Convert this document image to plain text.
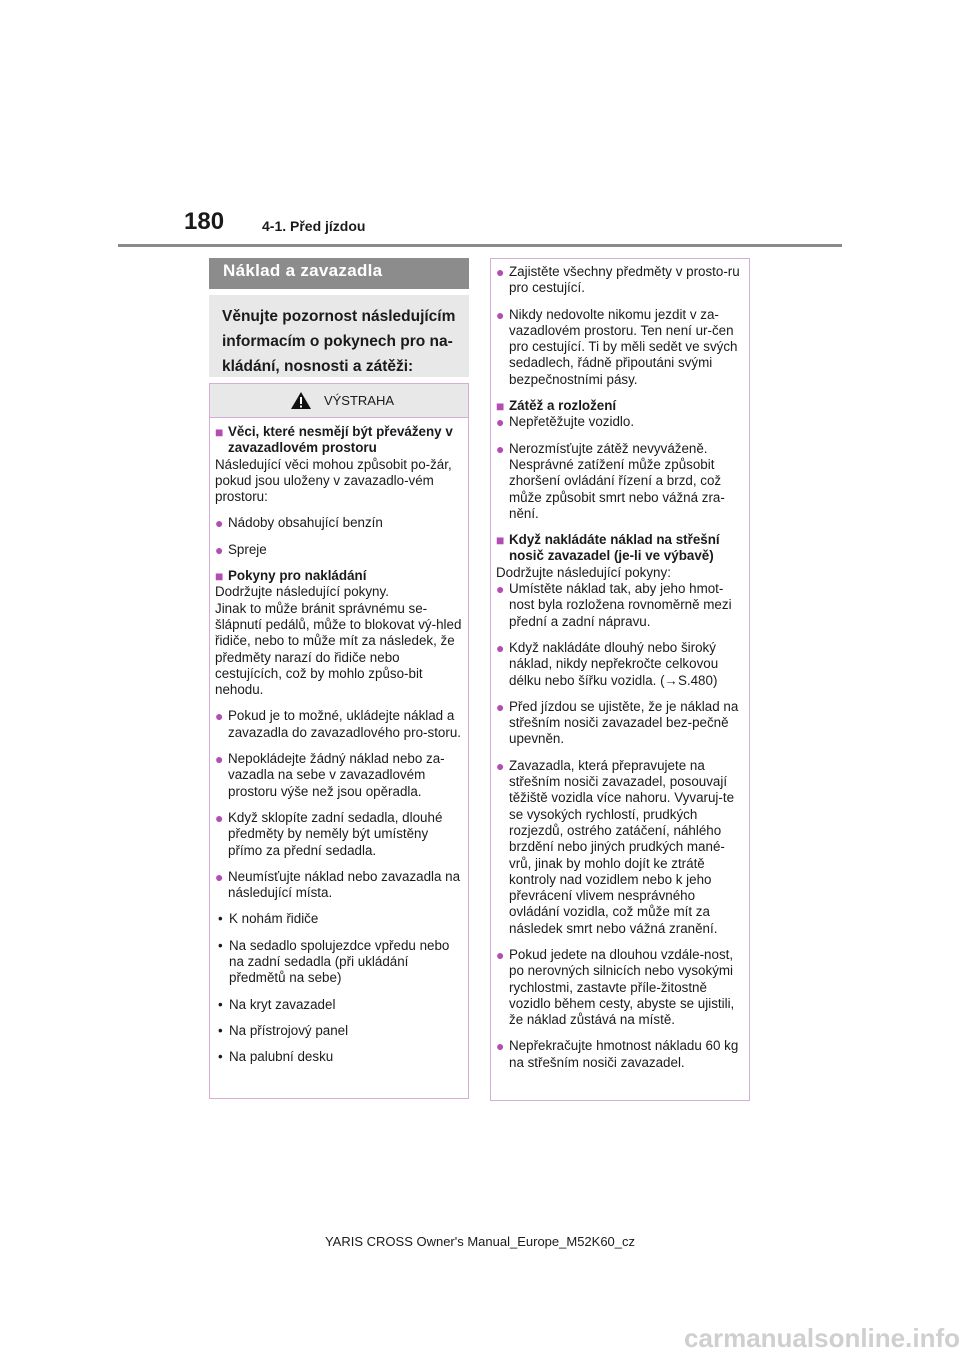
180	4-1. Před jízdou
Náklad a zavazadla
Věnujte pozornost následujícím informacím o pokynech pro na-kládání, nosnosti a zátěži:
VÝSTRAHA
■ Věci, které nesmějí být převáženy v zavazadlovém prostoru

Následující věci mohou způsobit po-žár, pokud jsou uloženy v zavazadlo-vém prostoru:

● Nádoby obsahující benzín
● Spreje
■ Pokyny pro nakládání

Dodržujte následující pokyny.

Jinak to může bránit správnému se-šlápnutí pedálů, může to blokovat vý-hled řidiče, nebo to může mít za následek, že předměty narazí do řidiče nebo cestujících, což by mohlo způso-bit nehodu.

● Pokud je to možné, ukládejte náklad a zavazadla do zavazadlového pro-storu.
● Nepokládejte žádný náklad nebo za-vazadla na sebe v zavazadlovém prostoru výše než jsou opěradla.
● Když sklopíte zadní sedadla, dlouhé předměty by neměly být umístěny přímo za přední sedadla.
● Neumísťujte náklad nebo zavazadla na následující místa.
• K nohám řidiče
• Na sedadlo spolujezdce vpředu nebo na zadní sedadla (při ukládání předmětů na sebe)
• Na kryt zavazadel
• Na přístrojový panel
• Na palubní desku
● Zajistěte všechny předměty v prosto-ru pro cestující.
● Nikdy nedovolte nikomu jezdit v za-vazadlovém prostoru. Ten není ur-čen pro cestující. Ti by měli sedět ve svých sedadlech, řádně připoutáni svými bezpečnostními pásy.
■ Zátěž a rozložení
● Nepřetěžujte vozidlo.
● Nerozmísťujte zátěž nevyváženě. Nesprávné zatížení může způsobit zhoršení ovládání řízení a brzd, což může způsobit smrt nebo vážná zra-nění.
■ Když nakládáte náklad na střešní nosič zavazadel (je-li ve výbavě)

Dodržujte následující pokyny:

● Umístěte náklad tak, aby jeho hmot-nost byla rozložena rovnoměrně mezi přední a zadní nápravu.
● Když nakládáte dlouhý nebo široký náklad, nikdy nepřekročte celkovou délku nebo šířku vozidla. (→S.480)
● Před jízdou se ujistěte, že je náklad na střešním nosiči zavazadel bez-pečně upevněn.
● Zavazadla, která přepravujete na střešním nosiči zavazadel, posouvají těžiště vozidla více nahoru. Vyvaruj-te se vysokých rychlostí, prudkých rozjezdů, ostrého zatáčení, náhlého brzdění nebo jiných prudkých mané-vrů, jinak by mohlo dojít ke ztrátě kontroly nad vozidlem nebo k jeho převrácení vlivem nesprávného ovládání vozidla, což může mít za následek smrt nebo vážná zranění.
● Pokud jedete na dlouhou vzdále-nost, po nerovných silnicích nebo vysokými rychlostmi, zastavte příle-žitostně vozidlo během cesty, abyste se ujistili, že náklad zůstává na místě.
● Nepřekračujte hmotnost nákladu 60 kg na střešním nosiči zavazadel.
YARIS CROSS Owner's Manual_Europe_M52K60_cz
carmanualsonline.info
